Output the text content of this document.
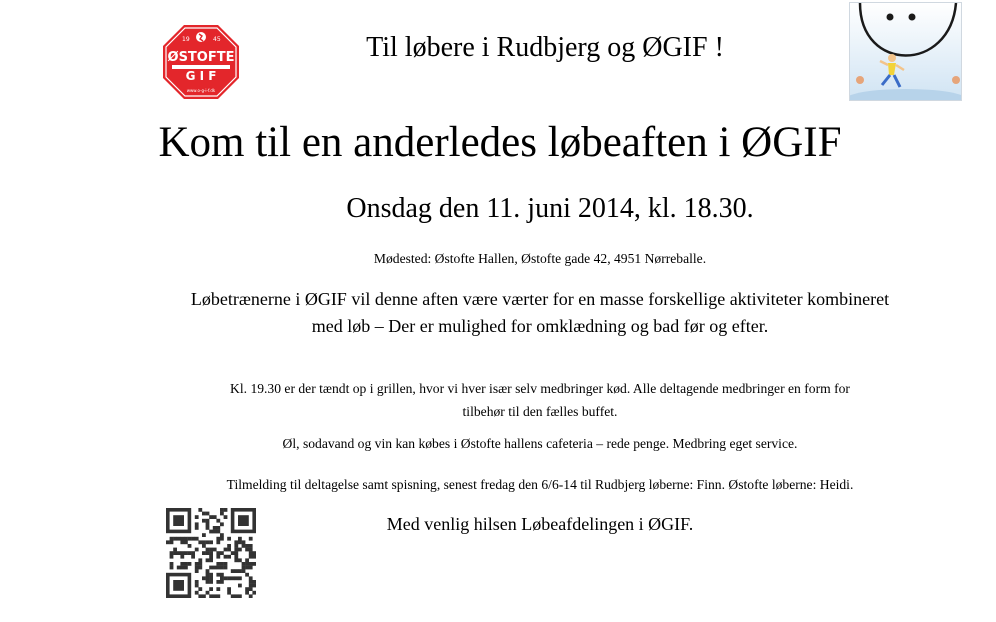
19	45
ØSTOFTE
G I F
www.o-g-i-f.dk
Til løbere i Rudbjerg og ØGIF !
Kom til en anderledes løbeaften i ØGIF
Onsdag den 11. juni 2014, kl. 18.30.
Mødested: Østofte Hallen, Østofte gade 42, 4951 Nørreballe.
Løbetrænerne i ØGIF vil denne aften være værter for en masse forskellige aktiviteter kombineret
med løb – Der er mulighed for omklædning og bad før og efter.
Kl. 19.30 er der tændt op i grillen, hvor vi hver især selv medbringer kød. Alle deltagende medbringer en form for
tilbehør til den fælles buffet.
Øl, sodavand og vin kan købes i Østofte hallens cafeteria – rede penge. Medbring eget service.
Tilmelding til deltagelse samt spisning, senest fredag den 6/6-14 til Rudbjerg løberne: Finn. Østofte løberne: Heidi.
Med venlig hilsen Løbeafdelingen i ØGIF.
